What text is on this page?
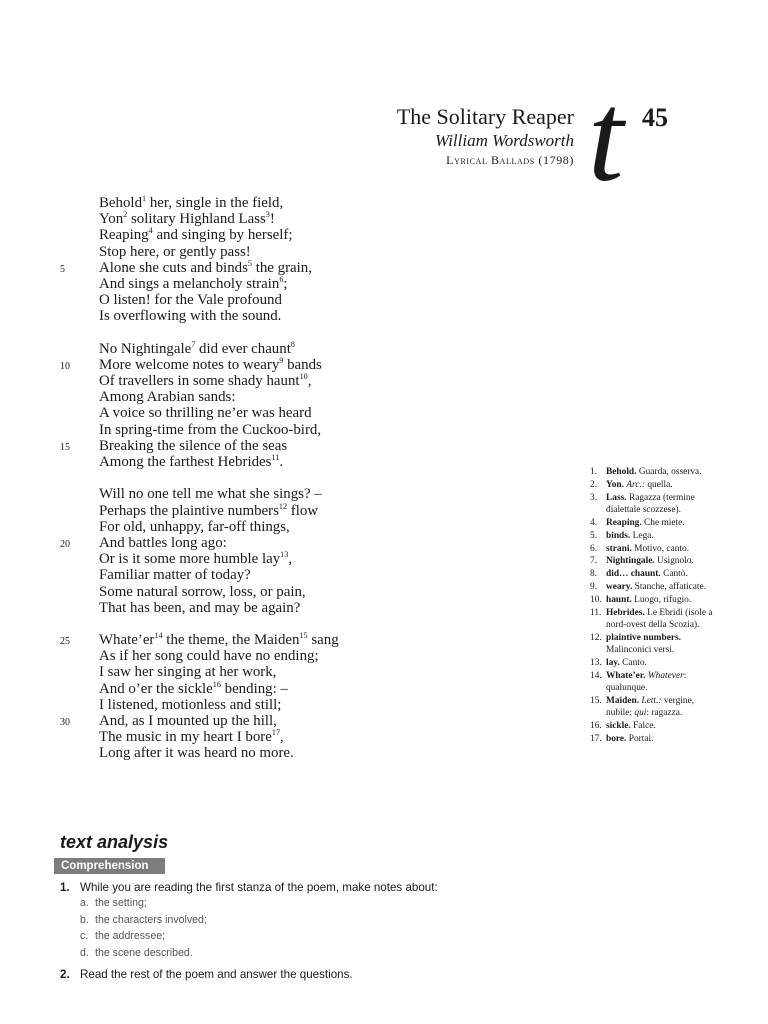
The Solitary Reaper
William Wordsworth
Lyrical Ballads (1798) t 45
Behold$^1$ her, single in the field,
Yon$^2$ solitary Highland Lass$^3$!
Reaping$^4$ and singing by herself;
Stop here, or gently pass!
5	Alone she cuts and binds$^5$ the grain,
And sings a melancholy strain$^6$;
O listen! for the Vale profound
Is overflowing with the sound.
No Nightingale$^7$ did ever chaunt$^8$
10	More welcome notes to weary$^9$ bands
Of travellers in some shady haunt$^{10}$,
Among Arabian sands:
A voice so thrilling ne’er was heard
In spring-time from the Cuckoo-bird,
15	Breaking the silence of the seas
Among the farthest Hebrides$^{11}$.
Will no one tell me what she sings? –
Perhaps the plaintive numbers$^{12}$ flow
For old, unhappy, far-off things,
20	And battles long ago:
Or is it some more humble lay$^{13}$,
Familiar matter of today?
Some natural sorrow, loss, or pain,
That has been, and may be again?
25	$Whate’er^{14}$ the theme, the Maiden$^{15}$ sang
As if her song could have no ending;
I saw her singing at her work,
And o’er the sickle$^{16}$ bending: –
I listened, motionless and still;
30	And, as I mounted up the hill,
The music in my heart I bore$^{17}$,
Long after it was heard no more.
1. Behold. Guarda, osserva.
2. Yon. Arc.: quella.
3. Lass. Ragazza (termine dialettale scozzese).
4. Reaping. Che miete.
5. binds. Lega.
6. strani. Motivo, canto.
7. Nightingale. Usignolo.
8. did… chaunt. Cantò.
9. weary. Stanche, affaticate.
10. haunt. Luogo, rifugio.
11. Hebrides. Le Ebridi (isole a nord-ovest della Scozia).
12. plaintive numbers. Malinconici versi.
13. lay. Canto.
14. Whate’er. Whatever: qualunque.
15. Maiden. Lett.: vergine, nubile; qui: ragazza.
16. sickle. Falce.
17. bore. Portai.
text analysis
Comprehension
1. While you are reading the first stanza of the poem, make notes about:
a. the setting;
b. the characters involved;
c. the addressee;
d. the scene described.
2. Read the rest of the poem and answer the questions.
